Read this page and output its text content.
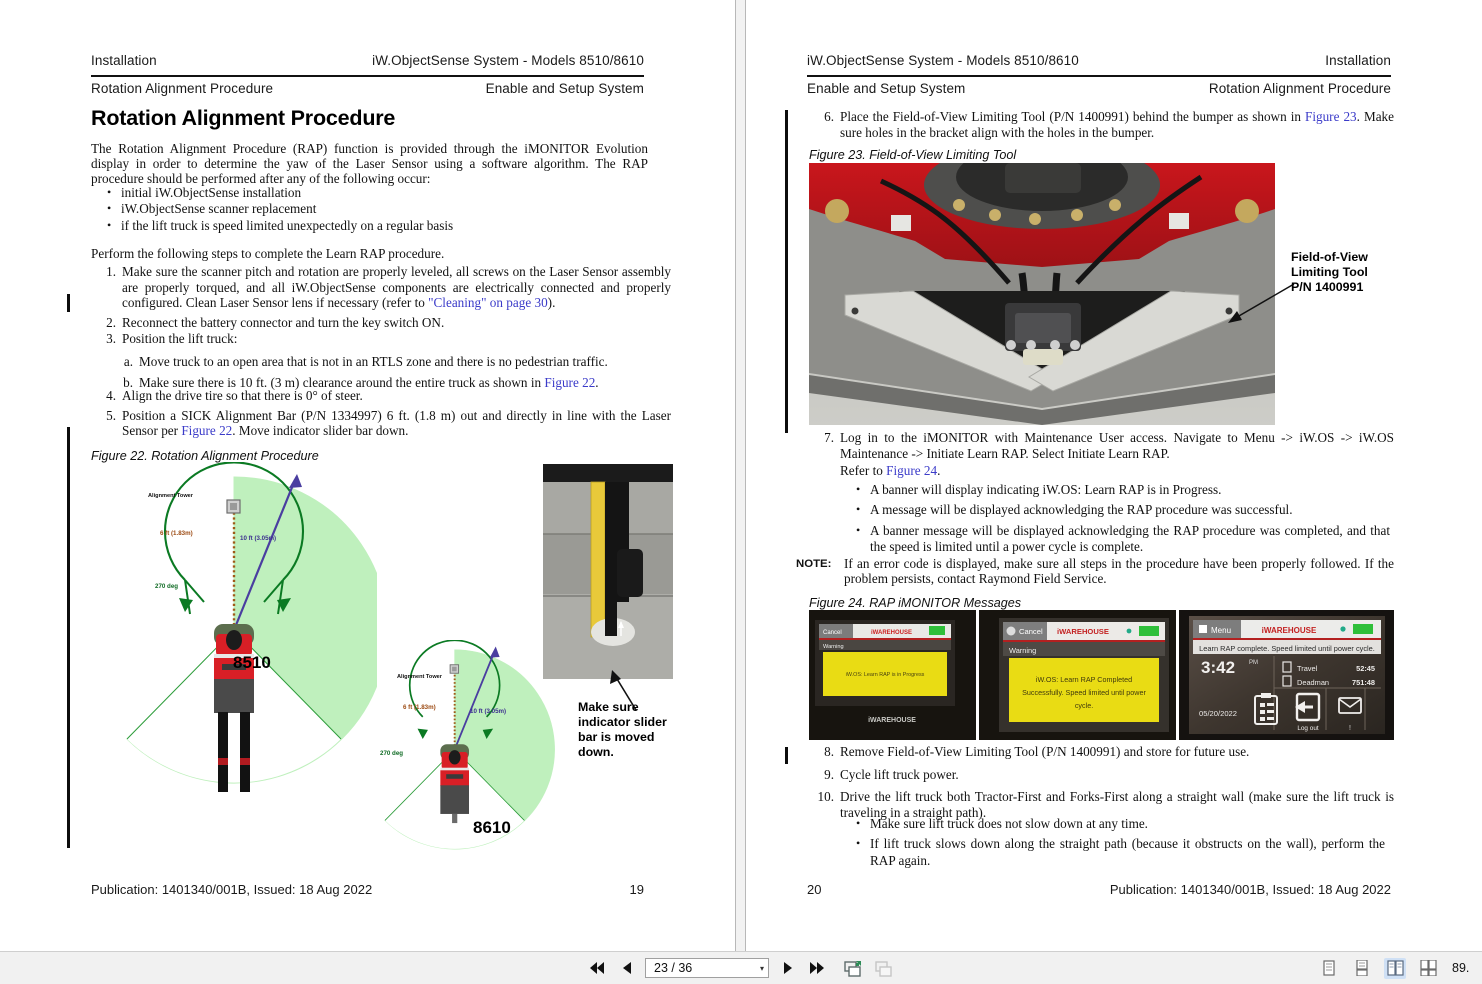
Installation	iW.ObjectSense System - Models 8510/8610
Rotation Alignment Procedure	Enable and Setup System
Rotation Alignment Procedure

The Rotation Alignment Procedure (RAP) function is provided through the iMONITOR Evolution display in order to determine the yaw of the Laser Sensor using a software algorithm. The RAP procedure should be performed after any of the following occur:

• initial iW.ObjectSense installation
• iW.ObjectSense scanner replacement
• if the lift truck is speed limited unexpectedly on a regular basis

Perform the following steps to complete the Learn RAP procedure.

1. Make sure the scanner pitch and rotation are properly leveled, all screws on the Laser Sensor assembly are properly torqued, and all iW.ObjectSense components are electrically connected and properly configured. Clean Laser Sensor lens if necessary (refer to "Cleaning" on page 30).
2. Reconnect the battery connector and turn the key switch ON.
3. Position the lift truck:
a. Move truck to an open area that is not in an RTLS zone and there is no pedestrian traffic.
b. Make sure there is 10 ft. (3 m) clearance around the entire truck as shown in Figure 22.
4. Align the drive tire so that there is 0° of steer.
5. Position a SICK Alignment Bar (P/N 1334997) 6 ft. (1.8 m) out and directly in line with the Laser Sensor per Figure 22. Move indicator slider bar down.
Figure 22. Rotation Alignment Procedure
Alignment Tower
6 ft (1.83m)
10 ft (3.05m)
270 deg
8510
Alignment Tower
6 ft (1.83m)
10 ft (3.05m)
270 deg
8610
Make sure indicator slider bar is moved down.
Publication: 1401340/001B, Issued: 18 Aug 2022	19
iW.ObjectSense System - Models 8510/8610	Installation
Enable and Setup System	Rotation Alignment Procedure
6. Place the Field-of-View Limiting Tool (P/N 1400991) behind the bumper as shown in Figure 23. Make sure holes in the bracket align with the holes in the bumper.
Figure 23. Field-of-View Limiting Tool
Field-of-View
Limiting Tool
P/N 1400991
7. Log in to the iMONITOR with Maintenance User access. Navigate to Menu -> iW.OS -> iW.OS Maintenance -> Initiate Learn RAP. Select Initiate Learn RAP.
Refer to Figure 24.
• A banner will display indicating iW.OS: Learn RAP is in Progress.
• A message will be displayed acknowledging the RAP procedure was successful.
• A banner message will be displayed acknowledging the RAP procedure was completed, and that the speed is limited until a power cycle is complete.
NOTE: If an error code is displayed, make sure all steps in the procedure have been properly followed. If the problem persists, contact Raymond Field Service.
Figure 24. RAP iMONITOR Messages
Cancel	iWAREHOUSE
Warning
iW.OS: Learn RAP is in Progress
iWAREHOUSE
Cancel iWAREHOUSE
Warning
iW.OS: Learn RAP Completed
Successfully. Speed limited until power
cycle.
Menu	iWAREHOUSE
Learn RAP complete. Speed limited until power cycle.
3:42 PM
05/20/2022
Travel	52:45
Deadman	751:48
Log out	!
8. Remove Field-of-View Limiting Tool (P/N 1400991) and store for future use.
9. Cycle lift truck power.
10. Drive the lift truck both Tractor-First and Forks-First along a straight wall (make sure the lift truck is traveling in a straight path).
• Make sure lift truck does not slow down at any time.
• If lift truck slows down along the straight path (because it obstructs on the wall), perform the RAP again.
20	Publication: 1401340/001B, Issued: 18 Aug 2022
23 / 36	▾	89.
